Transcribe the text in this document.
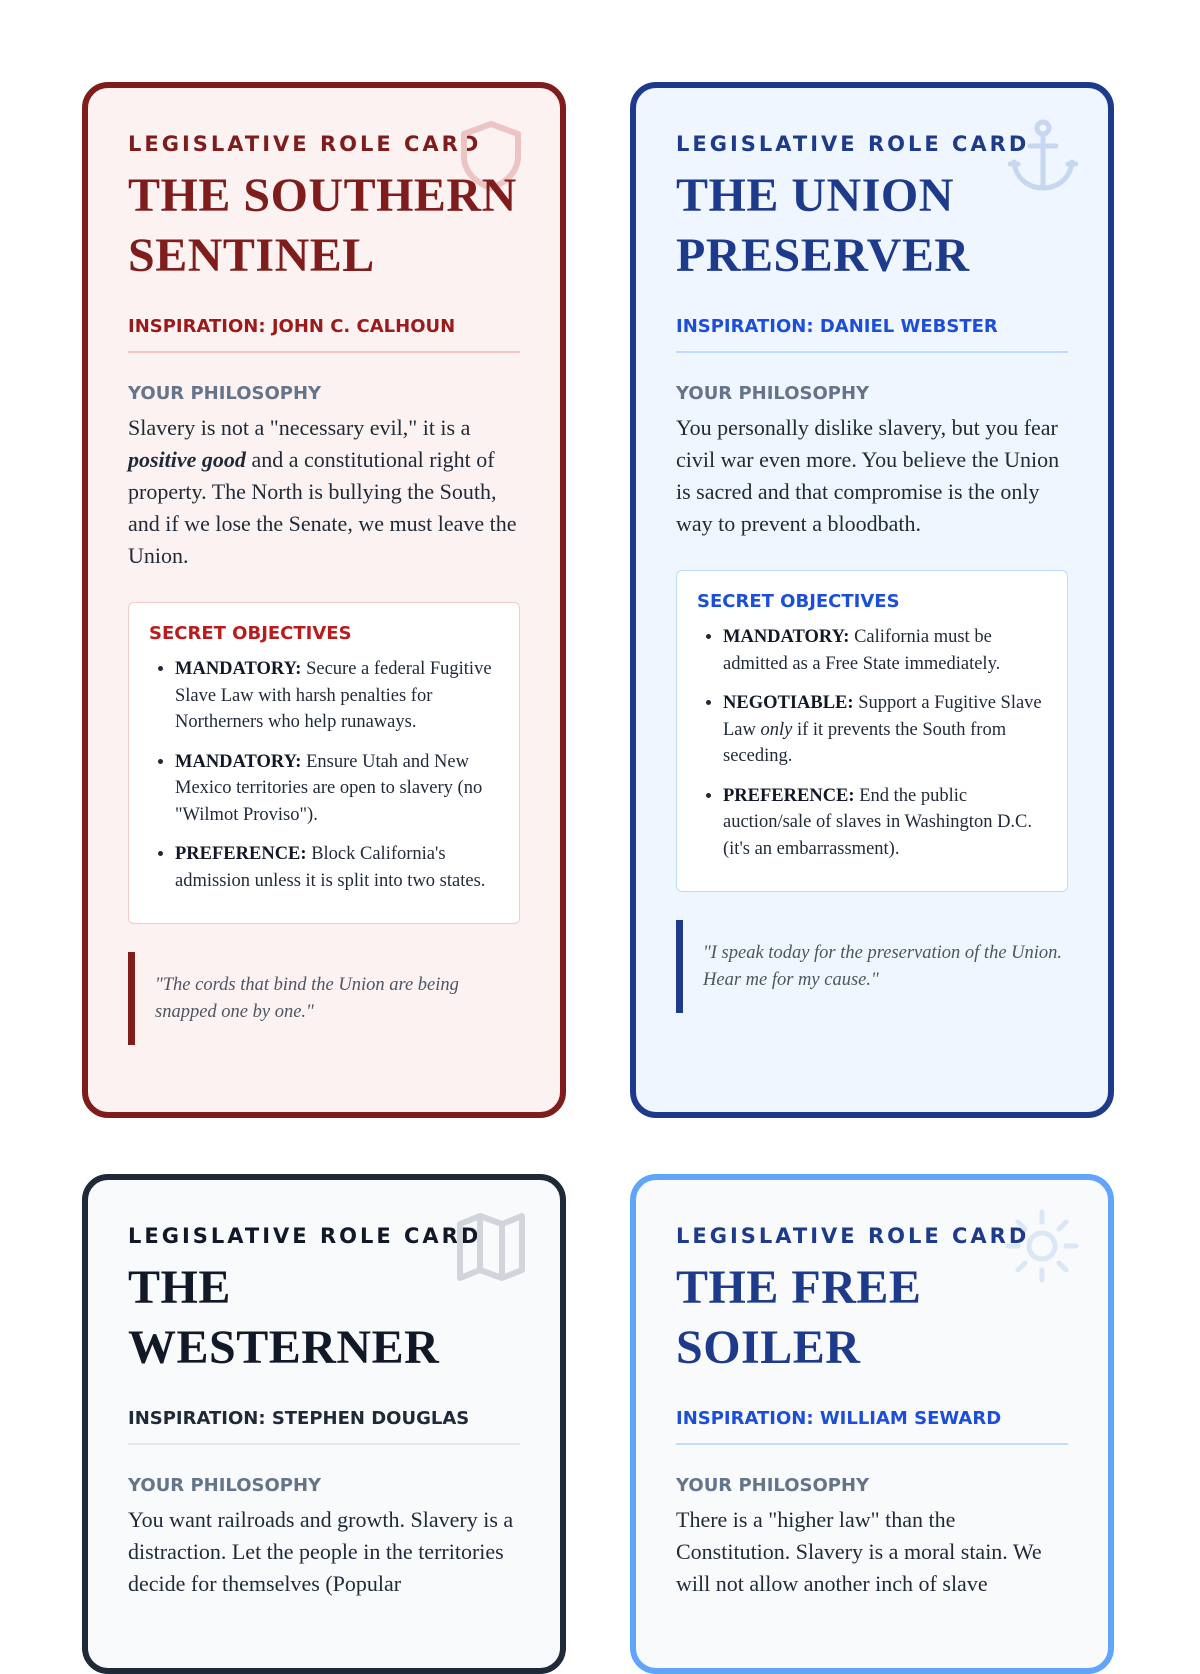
LEGISLATIVE ROLE CARD
THE SOUTHERN
SENTINEL
INSPIRATION: JOHN C. CALHOUN
YOUR PHILOSOPHY
Slavery is not a "necessary evil," it is a positive good and a constitutional right of property. The North is bullying the South, and if we lose the Senate, we must leave the Union.
SECRET OBJECTIVES
• MANDATORY: Secure a federal Fugitive Slave Law with harsh penalties for Northerners who help runaways.
• MANDATORY: Ensure Utah and New Mexico territories are open to slavery (no "Wilmot Proviso").
• PREFERENCE: Block California's admission unless it is split into two states.
"The cords that bind the Union are being snapped one by one."
LEGISLATIVE ROLE CARD
THE UNION
PRESERVER
INSPIRATION: DANIEL WEBSTER
YOUR PHILOSOPHY
You personally dislike slavery, but you fear civil war even more. You believe the Union is sacred and that compromise is the only way to prevent a bloodbath.
SECRET OBJECTIVES
• MANDATORY: California must be admitted as a Free State immediately.
• NEGOTIABLE: Support a Fugitive Slave Law only if it prevents the South from seceding.
• PREFERENCE: End the public auction/sale of slaves in Washington D.C. (it's an embarrassment).
"I speak today for the preservation of the Union. Hear me for my cause."
LEGISLATIVE ROLE CARD
THE
WESTERNER
INSPIRATION: STEPHEN DOUGLAS
YOUR PHILOSOPHY
You want railroads and growth. Slavery is a distraction. Let the people in the territories decide for themselves (Popular
LEGISLATIVE ROLE CARD
THE FREE
SOILER
INSPIRATION: WILLIAM SEWARD
YOUR PHILOSOPHY
There is a "higher law" than the Constitution. Slavery is a moral stain. We will not allow another inch of slave
